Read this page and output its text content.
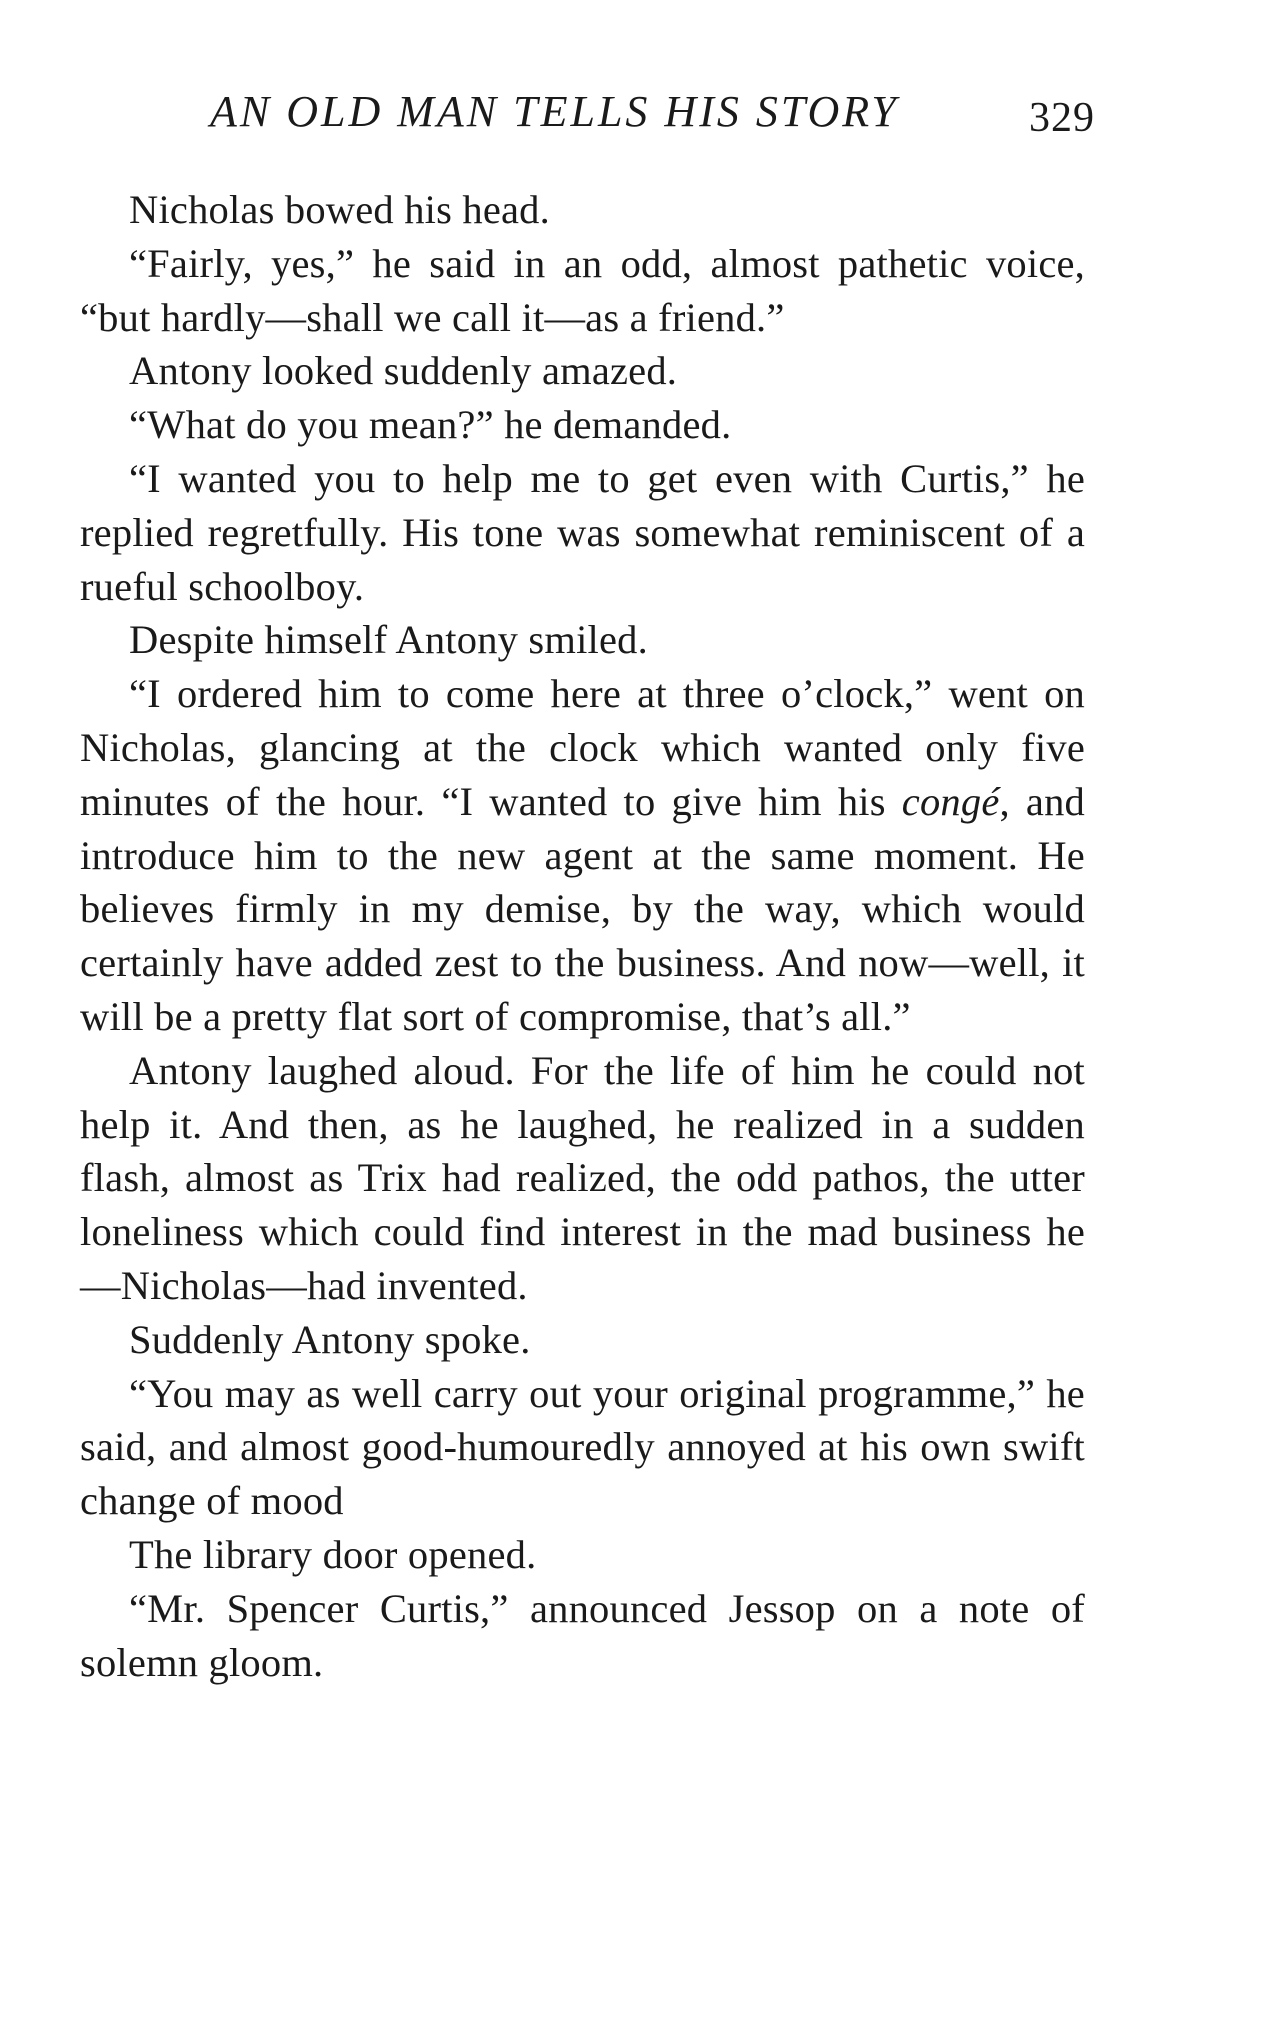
AN OLD MAN TELLS HIS STORY	329

Nicholas bowed his head.

“Fairly, yes,” he said in an odd, almost pathetic voice, “but hardly—shall we call it—as a friend.”

Antony looked suddenly amazed.

“What do you mean?” he demanded.

“I wanted you to help me to get even with Curtis,” he replied regretfully. His tone was somewhat reminiscent of a rueful schoolboy.

Despite himself Antony smiled.

“I ordered him to come here at three o’clock,” went on Nicholas, glancing at the clock which wanted only five minutes of the hour. “I wanted to give him his congé, and introduce him to the new agent at the same moment. He believes firmly in my demise, by the way, which would certainly have added zest to the business. And now—well, it will be a pretty flat sort of compromise, that’s all.”

Antony laughed aloud. For the life of him he could not help it. And then, as he laughed, he realized in a sudden flash, almost as Trix had realized, the odd pathos, the utter loneliness which could find interest in the mad business he—Nicholas—had invented.

Suddenly Antony spoke.

“You may as well carry out your original programme,” he said, and almost good-humouredly annoyed at his own swift change of mood

The library door opened.

“Mr. Spencer Curtis,” announced Jessop on a note of solemn gloom.
